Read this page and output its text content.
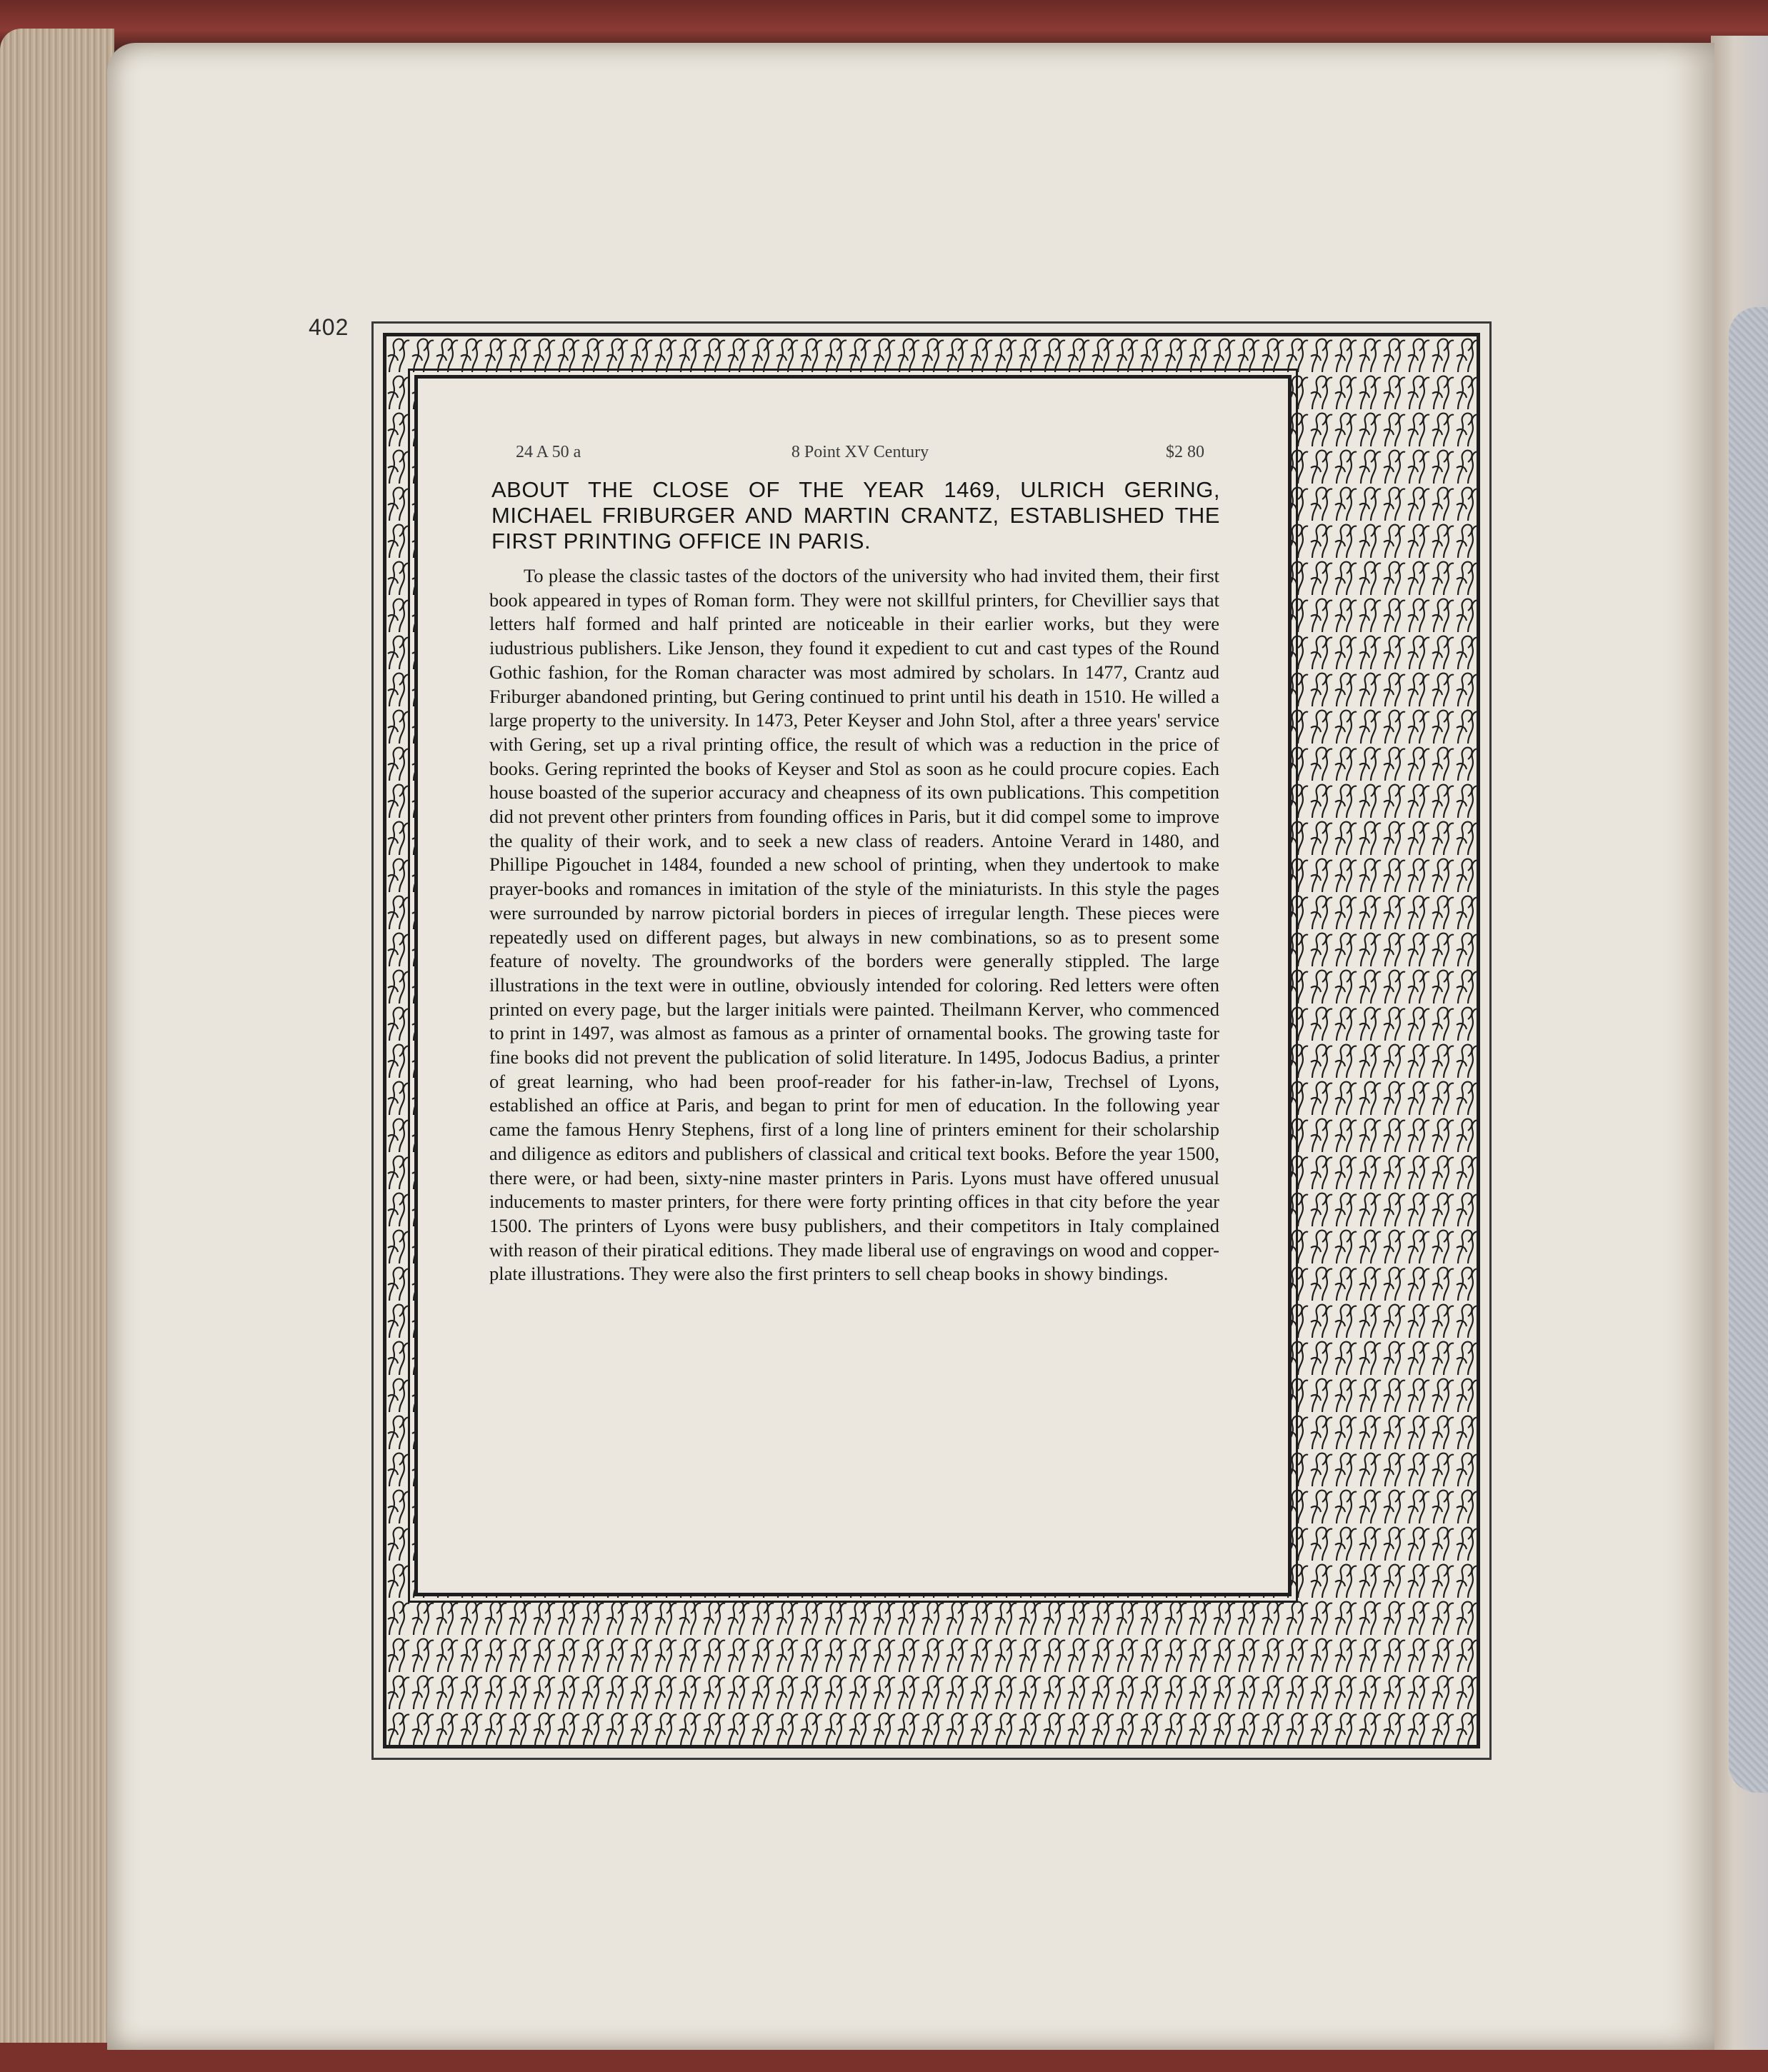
402
24 A 50 a	8 Point XV Century	$2 80
ABOUT THE CLOSE OF THE YEAR 1469, ULRICH GERING, MICHAEL FRIBURGER AND MARTIN CRANTZ, ESTABLISHED THE FIRST PRINTING OFFICE IN PARIS.
To please the classic tastes of the doctors of the university who had invited them, their first book appeared in types of Roman form. They were not skillful printers, for Chevillier says that letters half formed and half printed are noticeable in their earlier works, but they were iudustrious publishers. Like Jenson, they found it expedient to cut and cast types of the Round Gothic fashion, for the Roman character was most admired by scholars. In 1477, Crantz aud Friburger abandoned printing, but Gering continued to print until his death in 1510. He willed a large property to the university. In 1473, Peter Keyser and John Stol, after a three years' service with Gering, set up a rival printing office, the result of which was a reduction in the price of books. Gering reprinted the books of Keyser and Stol as soon as he could procure copies. Each house boasted of the superior accuracy and cheapness of its own publications. This competition did not prevent other printers from founding offices in Paris, but it did compel some to improve the quality of their work, and to seek a new class of readers. Antoine Verard in 1480, and Phillipe Pigouchet in 1484, founded a new school of printing, when they undertook to make prayer-books and romances in imitation of the style of the miniaturists. In this style the pages were surrounded by narrow pictorial borders in pieces of irregular length. These pieces were repeatedly used on different pages, but always in new combinations, so as to present some feature of novelty. The groundworks of the borders were generally stippled. The large illustrations in the text were in outline, obviously intended for coloring. Red letters were often printed on every page, but the larger initials were painted. Theilmann Kerver, who commenced to print in 1497, was almost as famous as a printer of ornamental books. The growing taste for fine books did not prevent the publication of solid literature. In 1495, Jodocus Badius, a printer of great learning, who had been proof-reader for his father-in-law, Trechsel of Lyons, established an office at Paris, and began to print for men of education. In the following year came the famous Henry Stephens, first of a long line of printers eminent for their scholarship and diligence as editors and publishers of classical and critical text books. Before the year 1500, there were, or had been, sixty-nine master printers in Paris. Lyons must have offered unusual inducements to master printers, for there were forty printing offices in that city before the year 1500. The printers of Lyons were busy publishers, and their competitors in Italy complained with reason of their piratical editions. They made liberal use of engravings on wood and copper-plate illustrations. They were also the first printers to sell cheap books in showy bindings.
